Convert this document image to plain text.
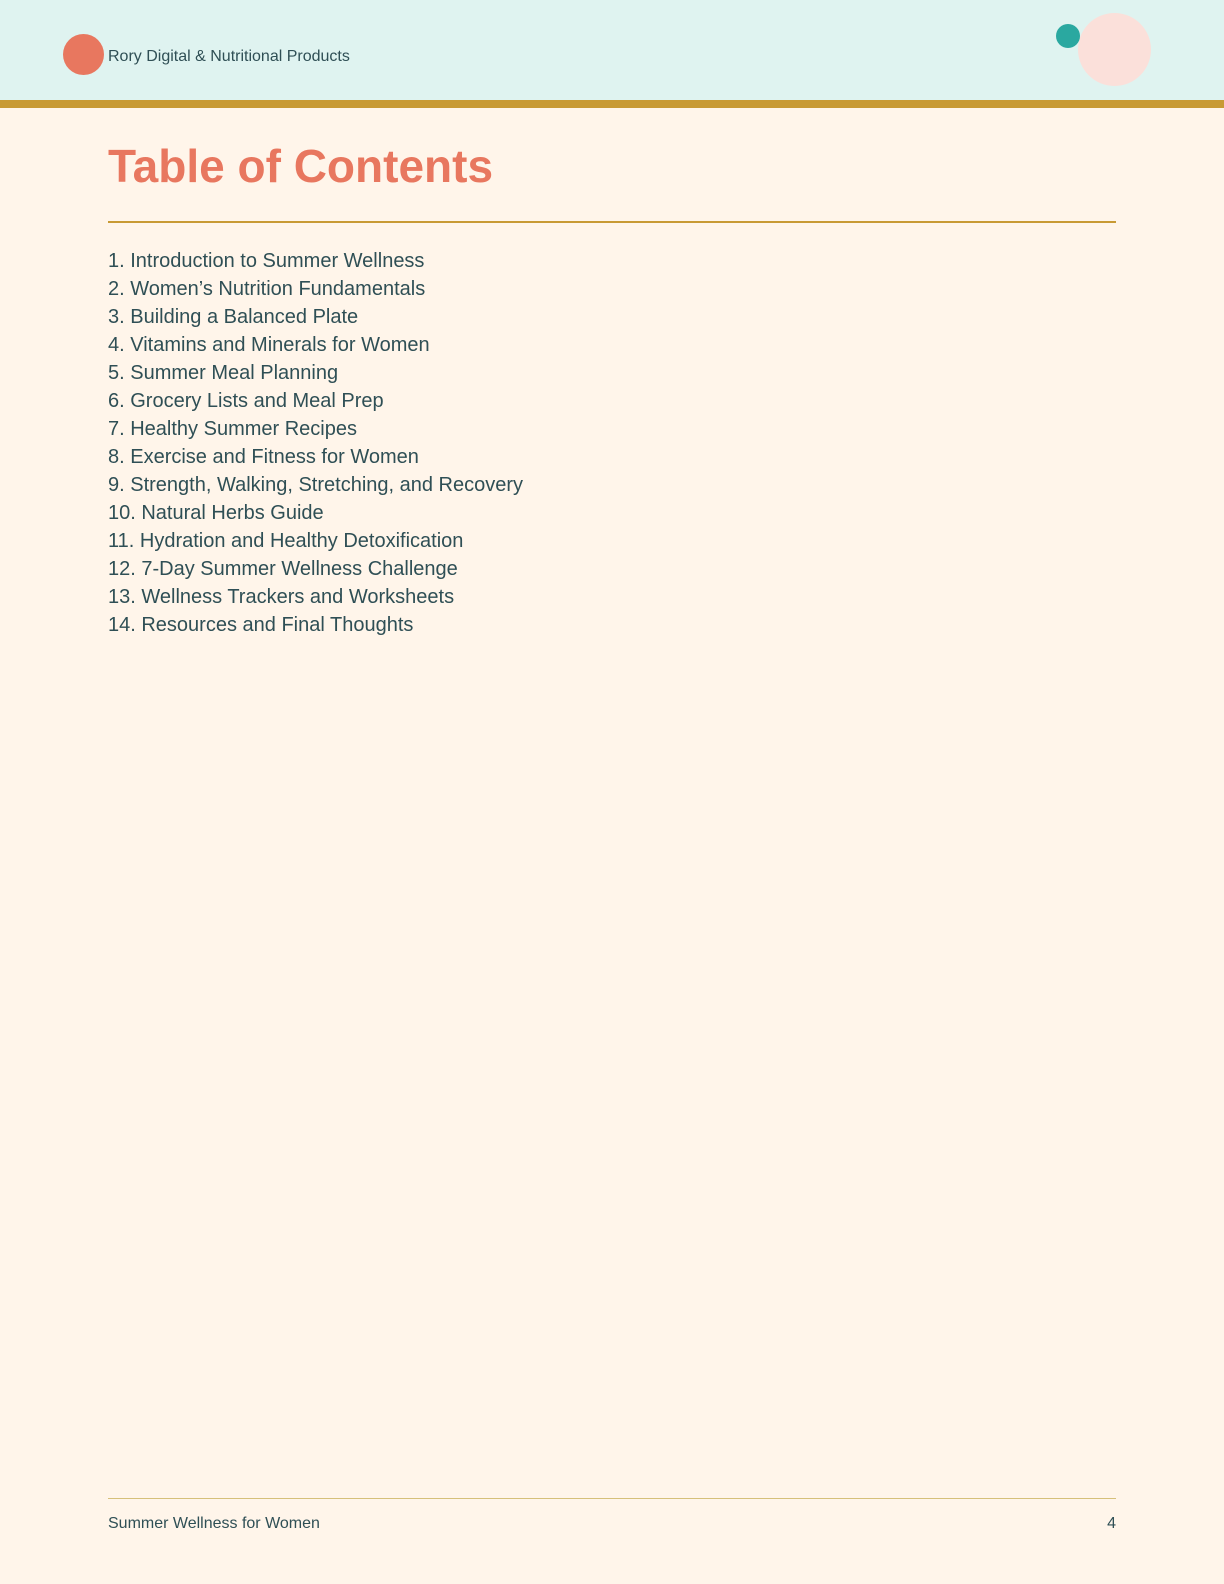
Rory Digital & Nutritional Products
Table of Contents
1. Introduction to Summer Wellness
2. Women’s Nutrition Fundamentals
3. Building a Balanced Plate
4. Vitamins and Minerals for Women
5. Summer Meal Planning
6. Grocery Lists and Meal Prep
7. Healthy Summer Recipes
8. Exercise and Fitness for Women
9. Strength, Walking, Stretching, and Recovery
10. Natural Herbs Guide
11. Hydration and Healthy Detoxification
12. 7-Day Summer Wellness Challenge
13. Wellness Trackers and Worksheets
14. Resources and Final Thoughts
Summer Wellness for Women	4
